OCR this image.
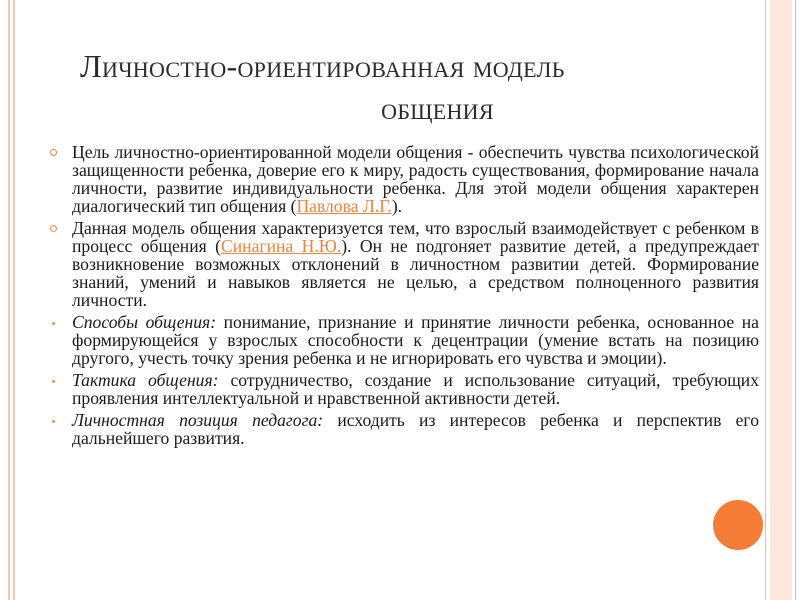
Личностно-ориентированная модель
общения
Цель личностно-ориентированной модели общения - обеспечить чувства психологической защищенности ребенка, доверие его к миру, радость существования, формирование начала личности, развитие индивидуальности ребенка. Для этой модели общения характерен диалогический тип общения (Павлова Л.Г.).
Данная модель общения характеризуется тем, что взрослый взаимодействует с ребенком в процесс общения (Синагина Н.Ю.). Он не подгоняет развитие детей, а предупреждает возникновение возможных отклонений в личностном развитии детей. Формирование знаний, умений и навыков является не целью, а средством полноценного развития личности.
Способы общения: понимание, признание и принятие личности ребенка, основанное на формирующейся у взрослых способности к децентрации (умение встать на позицию другого, учесть точку зрения ребенка и не игнорировать его чувства и эмоции).
Тактика общения: сотрудничество, создание и использование ситуаций, требующих проявления интеллектуальной и нравственной активности детей.
Личностная позиция педагога: исходить из интересов ребенка и перспектив его дальнейшего развития.
